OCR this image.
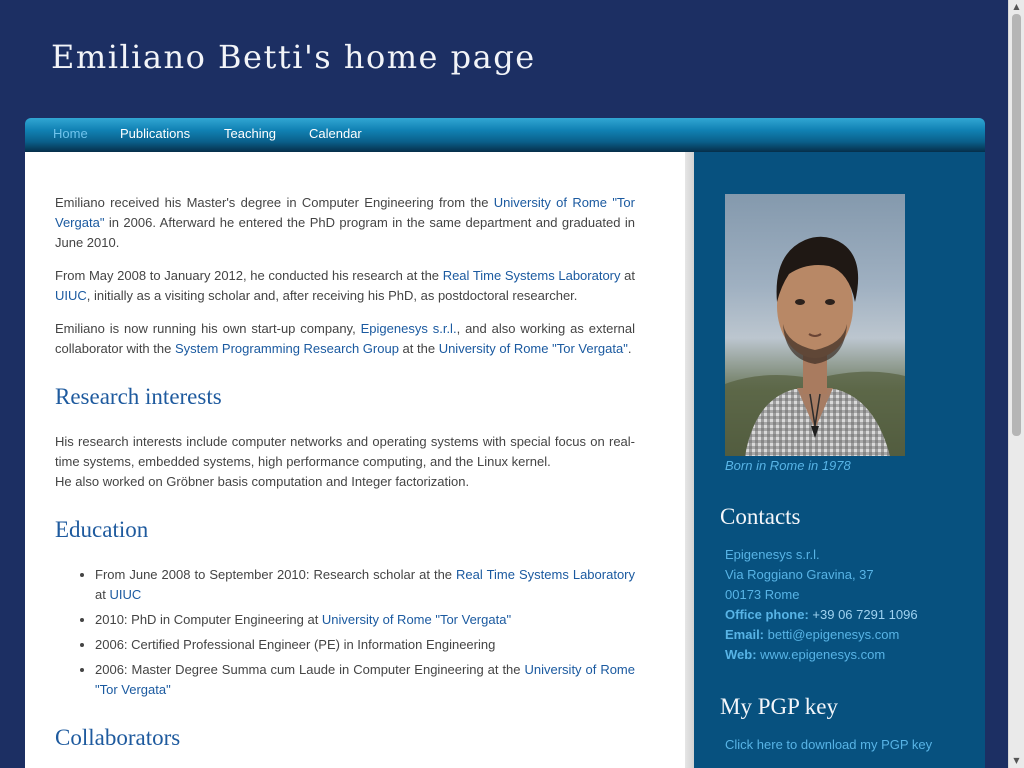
Emiliano Betti's home page
Home Publications	Teaching	Calendar

Emiliano received his Master's degree in Computer Engineering from the University of Rome "Tor Vergata" in 2006. Afterward he entered the PhD program in the same department and graduated in June 2010.

From May 2008 to January 2012, he conducted his research at the Real Time Systems Laboratory at UIUC, initially as a visiting scholar and, after receiving his PhD, as postdoctoral researcher.

Emiliano is now running his own start-up company, Epigenesys s.r.l., and also working as external collaborator with the System Programming Research Group at the University of Rome "Tor Vergata".

Research interests

His research interests include computer networks and operating systems with special focus on real-time systems, embedded systems, high performance computing, and the Linux kernel.
He also worked on Gröbner basis computation and Integer factorization.

Education
• From June 2008 to September 2010: Research scholar at the Real Time Systems Laboratory at UIUC
• 2010: PhD in Computer Engineering at University of Rome "Tor Vergata"
• 2006: Certified Professional Engineer (PE) in Information Engineering
• 2006: Master Degree Summa cum Laude in Computer Engineering at the University of Rome "Tor Vergata"
Collaborators
Born in Rome in 1978
Contacts
Epigenesys s.r.l.
Via Roggiano Gravina, 37
00173 Rome
Office phone: +39 06 7291 1096
Email: betti@epigenesys.com
Web: www.epigenesys.com
My PGP key
Click here to download my PGP key
▲
▼
